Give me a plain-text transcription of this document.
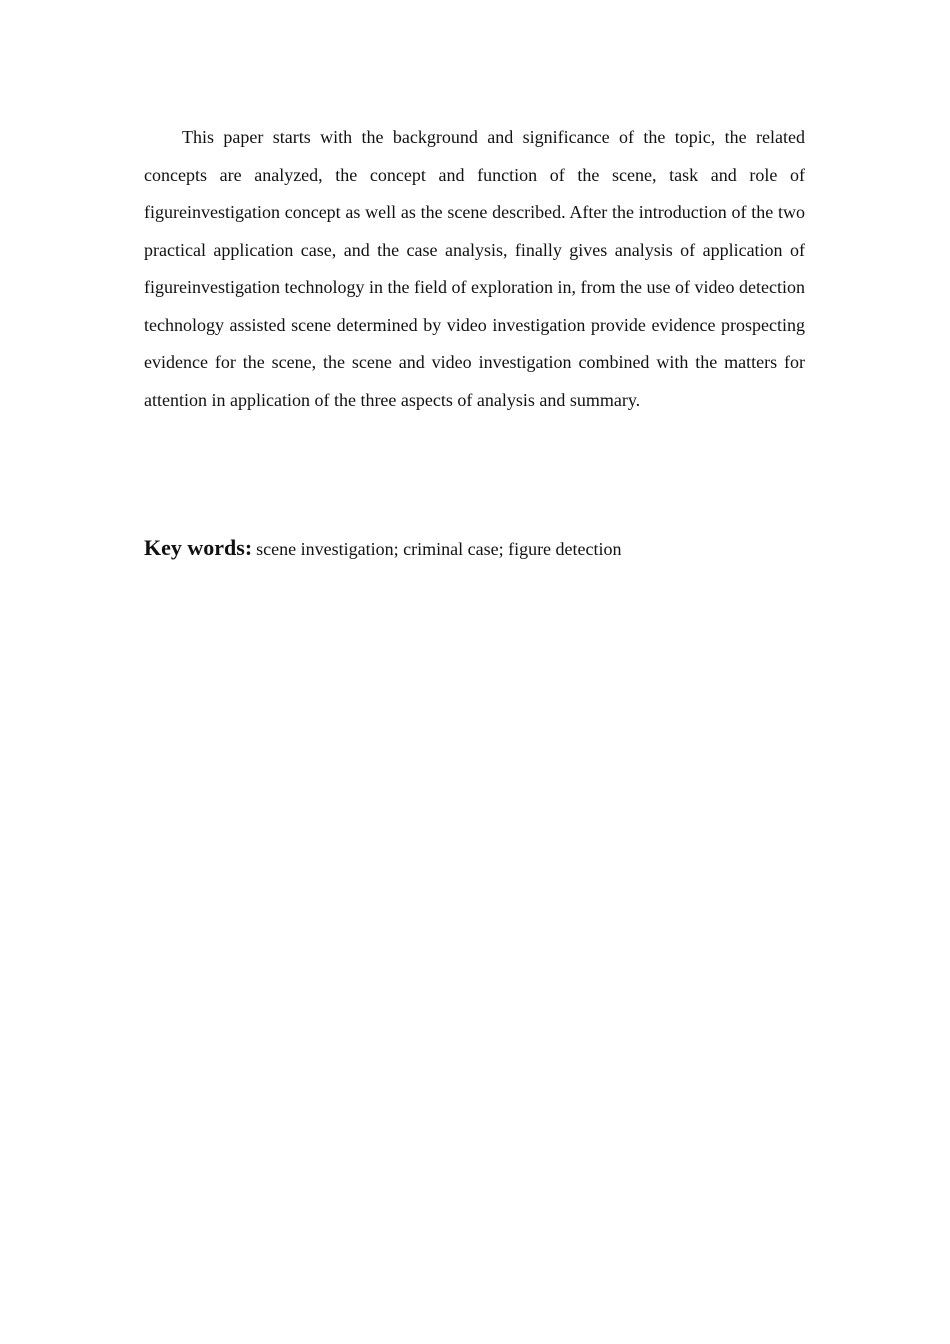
This paper starts with the background and significance of the topic, the related concepts are analyzed, the concept and function of the scene, task and role of figureinvestigation concept as well as the scene described. After the introduction of the two practical application case, and the case analysis, finally gives analysis of application of figureinvestigation technology in the field of exploration in, from the use of video detection technology assisted scene determined by video investigation provide evidence prospecting evidence for the scene, the scene and video investigation combined with the matters for attention in application of the three aspects of analysis and summary.

Key words: scene investigation; criminal case; figure detection
